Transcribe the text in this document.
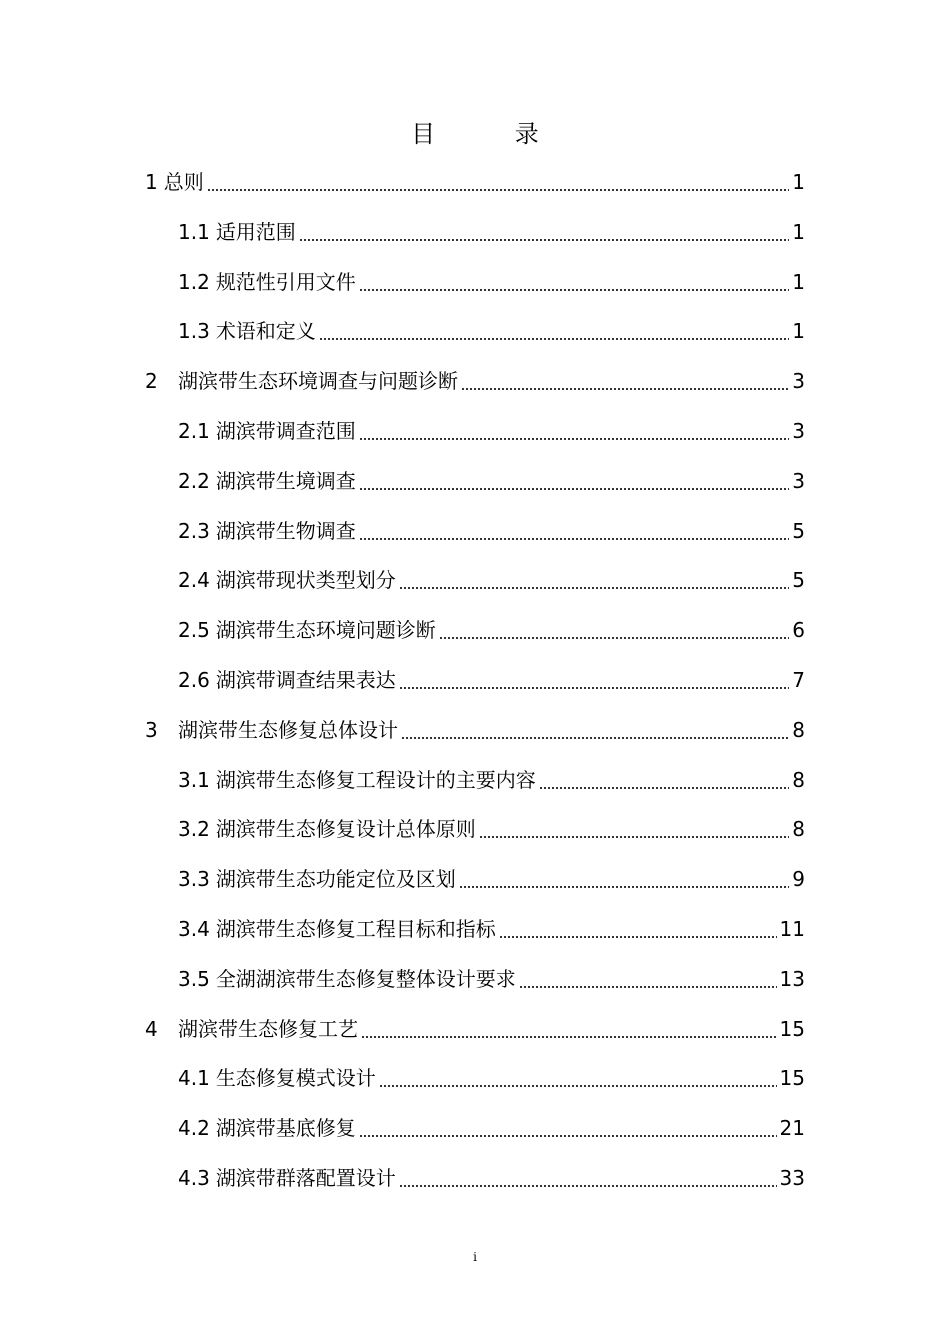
目 录
1 总则	1
1.1 适用范围	1
1.2 规范性引用文件	1
1.3 术语和定义	1
2 湖滨带生态环境调查与问题诊断	3
2.1 湖滨带调查范围	3
2.2 湖滨带生境调查	3
2.3 湖滨带生物调查	5
2.4 湖滨带现状类型划分	5
2.5 湖滨带生态环境问题诊断	6
2.6 湖滨带调查结果表达	7
3 湖滨带生态修复总体设计	8
3.1 湖滨带生态修复工程设计的主要内容	8
3.2 湖滨带生态修复设计总体原则	8
3.3 湖滨带生态功能定位及区划	9
3.4 湖滨带生态修复工程目标和指标	11
3.5 全湖湖滨带生态修复整体设计要求	13
4 湖滨带生态修复工艺	15
4.1 生态修复模式设计	15
4.2 湖滨带基底修复	21
4.3 湖滨带群落配置设计	33
i
